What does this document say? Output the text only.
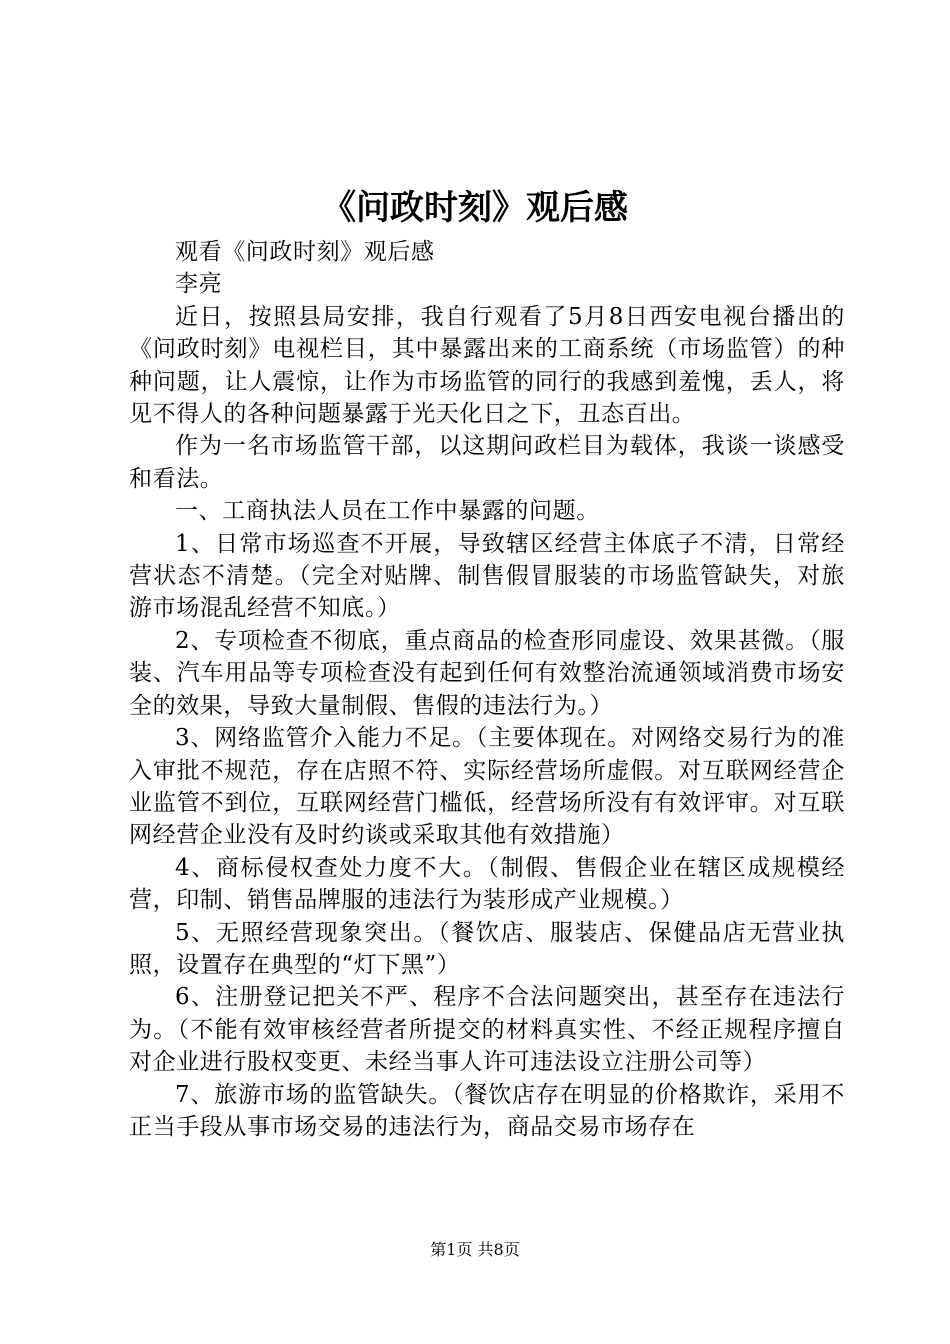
《问政时刻》观后感

观看《问政时刻》观后感

李亮

近日，按照县局安排，我自行观看了5月8日西安电视台播出的《问政时刻》电视栏目，其中暴露出来的工商系统（市场监管）的种种问题，让人震惊，让作为市场监管的同行的我感到羞愧，丢人，将见不得人的各种问题暴露于光天化日之下，丑态百出。

作为一名市场监管干部，以这期问政栏目为载体，我谈一谈感受和看法。

一、工商执法人员在工作中暴露的问题。

1、日常市场巡查不开展，导致辖区经营主体底子不清，日常经营状态不清楚。（完全对贴牌、制售假冒服装的市场监管缺失，对旅游市场混乱经营不知底。）

2、专项检查不彻底，重点商品的检查形同虚设、效果甚微。（服装、汽车用品等专项检查没有起到任何有效整治流通领域消费市场安全的效果，导致大量制假、售假的违法行为。）

3、网络监管介入能力不足。（主要体现在。对网络交易行为的准入审批不规范，存在店照不符、实际经营场所虚假。对互联网经营企业监管不到位，互联网经营门槛低，经营场所没有有效评审。对互联网经营企业没有及时约谈或采取其他有效措施）

4、商标侵权查处力度不大。（制假、售假企业在辖区成规模经营，印制、销售品牌服的违法行为装形成产业规模。）

5、无照经营现象突出。（餐饮店、服装店、保健品店无营业执照，设置存在典型的“灯下黑”）

6、注册登记把关不严、程序不合法问题突出，甚至存在违法行为。（不能有效审核经营者所提交的材料真实性、不经正规程序擅自对企业进行股权变更、未经当事人许可违法设立注册公司等）

7、旅游市场的监管缺失。（餐饮店存在明显的价格欺诈，采用不正当手段从事市场交易的违法行为，商品交易市场存在

第1页 共8页
